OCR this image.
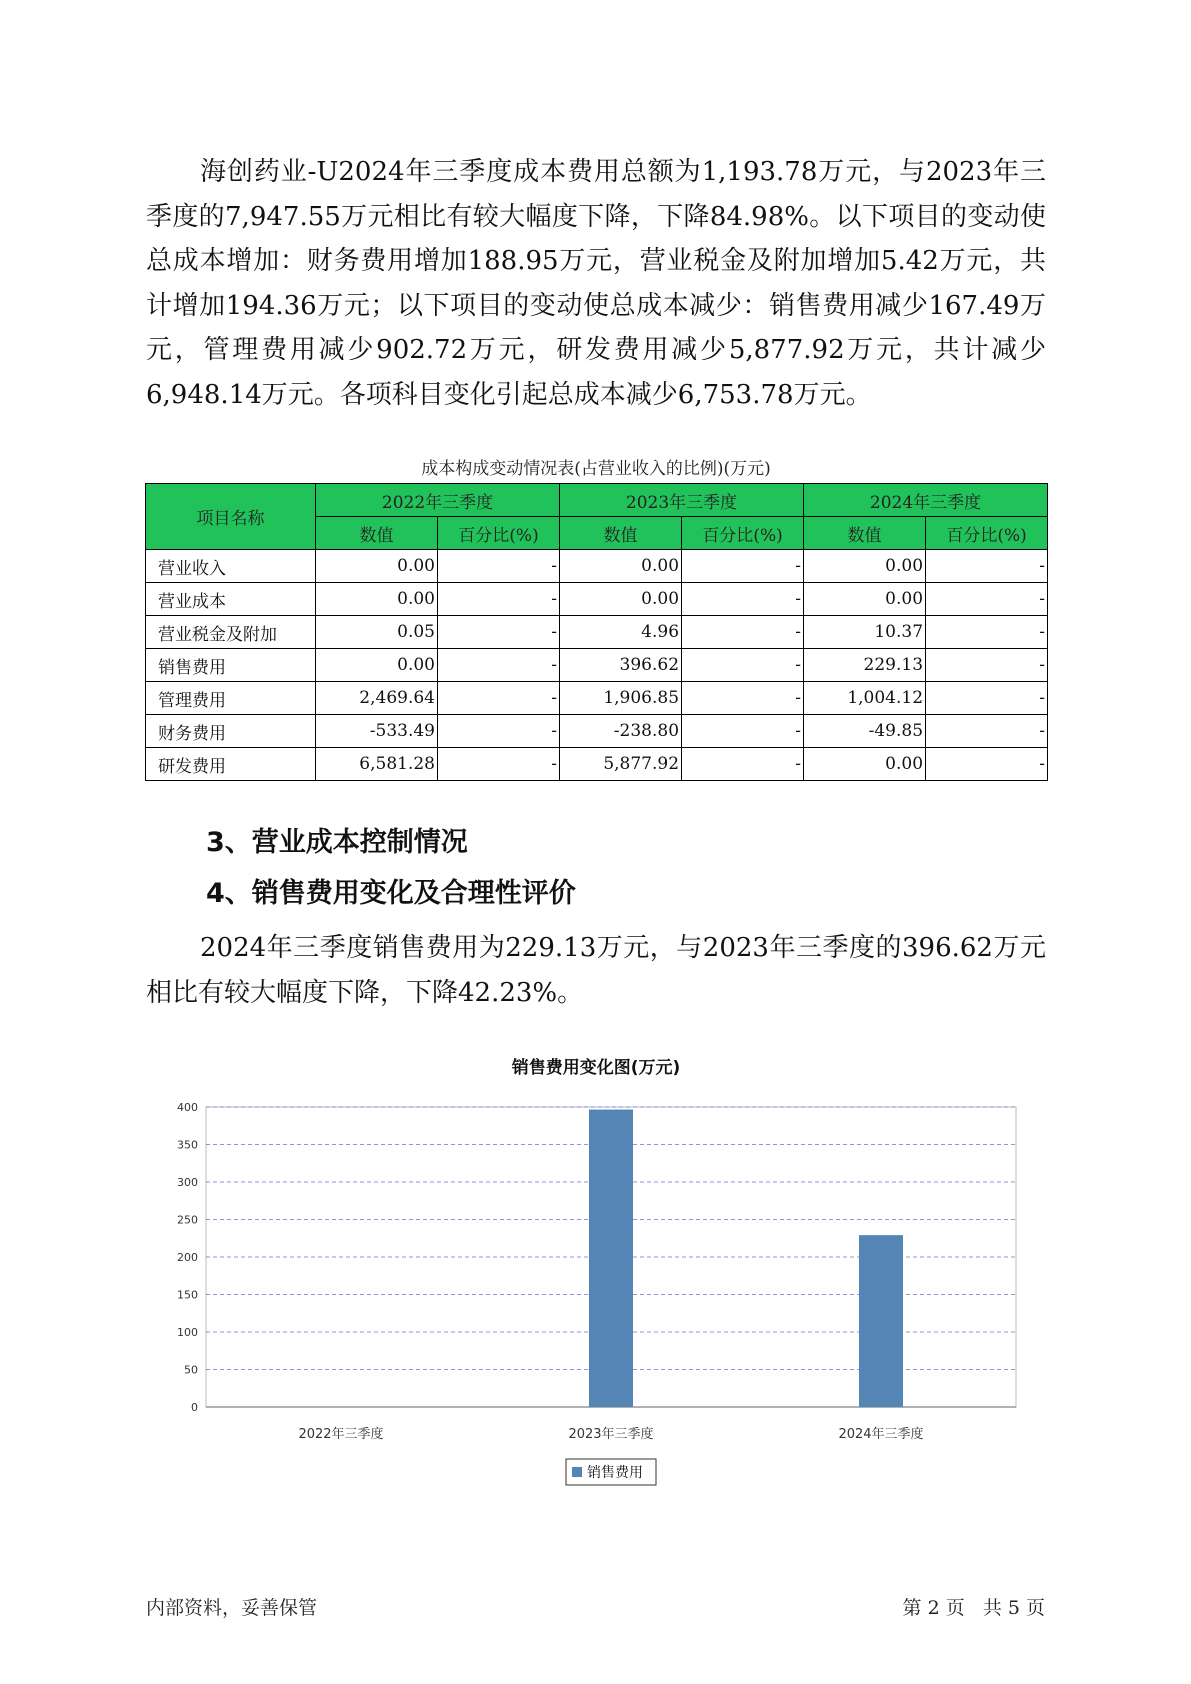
海创药业-U2024年三季度成本费用总额为1,193.78万元，与2023年三季度的7,947.55万元相比有较大幅度下降，下降84.98%。以下项目的变动使总成本增加：财务费用增加188.95万元，营业税金及附加增加5.42万元，共计增加194.36万元；以下项目的变动使总成本减少：销售费用减少167.49万元，管理费用减少902.72万元，研发费用减少5,877.92万元，共计减少6,948.14万元。各项科目变化引起总成本减少6,753.78万元。

成本构成变动情况表(占营业收入的比例)(万元)
项目名称	2022年三季度		2023年三季度		2024年三季度	
	数值	百分比(%)	数值	百分比(%)	数值	百分比(%)
营业收入	0.00	-	0.00	-	0.00	-
营业成本	0.00	-	0.00	-	0.00	-
营业税金及附加	0.05	-	4.96	-	10.37	-
销售费用	0.00	-	396.62	-	229.13	-
管理费用	2,469.64	-	1,906.85	-	1,004.12	-
财务费用	-533.49	-	-238.80	-	-49.85	-
研发费用	6,581.28	-	5,877.92	-	0.00	-
3、营业成本控制情况
4、销售费用变化及合理性评价

2024年三季度销售费用为229.13万元，与2023年三季度的396.62万元相比有较大幅度下降，下降42.23%。

销售费用变化图(万元)
0
50
100
150
200
250
300
350
400
2022年三季度	2023年三季度	2024年三季度
销售费用
内部资料，妥善保管	第 2 页   共 5 页
